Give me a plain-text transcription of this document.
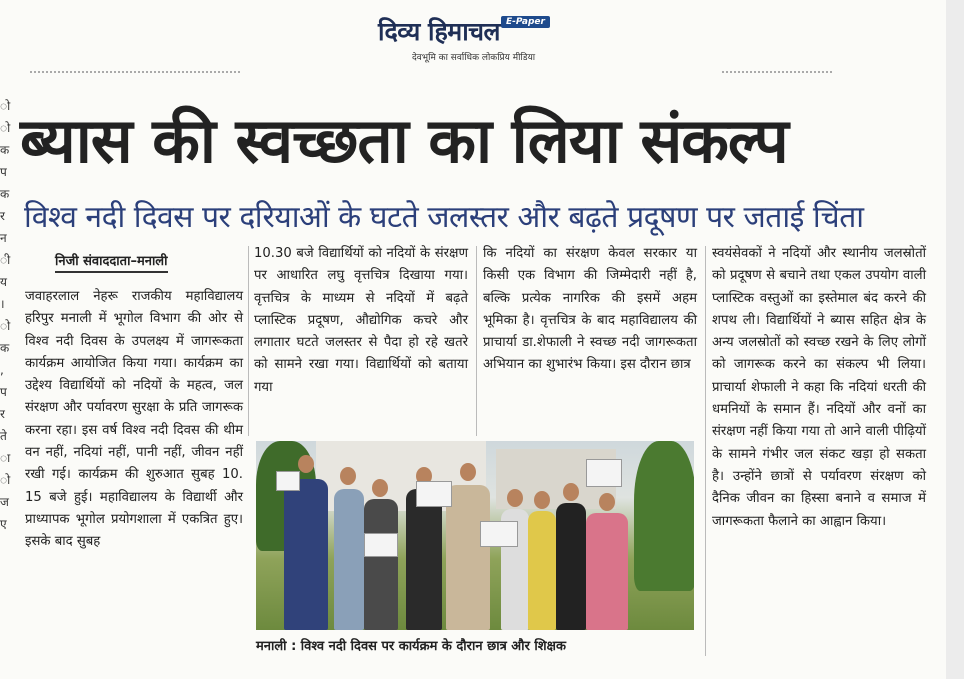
दिव्य हिमाचल E-Paper
देवभूमि का सर्वाधिक लोकप्रिय मीडिया
ो
ो
क
प
क
र
न
ी
य
।
ो
क
,
प
र
ते
ा
ो
ज
ए
ब्यास की स्वच्छता का लिया संकल्प
विश्व नदी दिवस पर दरियाओं के घटते जलस्तर और बढ़ते प्रदूषण पर जताई चिंता
निजी संवाददाता–मनाली

जवाहरलाल नेहरू राजकीय महाविद्यालय हरिपुर मनाली में भूगोल विभाग की ओर से विश्व नदी दिवस के उपलक्ष्य में जागरूकता कार्यक्रम आयोजित किया गया। कार्यक्रम का उद्देश्य विद्यार्थियों को नदियों के महत्व, जल संरक्षण और पर्यावरण सुरक्षा के प्रति जागरूक करना रहा। इस वर्ष विश्व नदी दिवस की थीम वन नहीं, नदियां नहीं, पानी नहीं, जीवन नहीं रखी गई। कार्यक्रम की शुरुआत सुबह 10. 15 बजे हुई। महाविद्यालय के विद्यार्थी और प्राध्यापक भूगोल प्रयोगशाला में एकत्रित हुए। इसके बाद सुबह

10.30 बजे विद्यार्थियों को नदियों के संरक्षण पर आधारित लघु वृत्तचित्र दिखाया गया। वृत्तचित्र के माध्यम से नदियों में बढ़ते प्लास्टिक प्रदूषण, औद्योगिक कचरे और लगातार घटते जलस्तर से पैदा हो रहे खतरे को सामने रखा गया। विद्यार्थियों को बताया गया

कि नदियों का संरक्षण केवल सरकार या किसी एक विभाग की जिम्मेदारी नहीं है, बल्कि प्रत्येक नागरिक की इसमें अहम भूमिका है। वृत्तचित्र के बाद महाविद्यालय की प्राचार्या डा.शेफाली ने स्वच्छ नदी जागरूकता अभियान का शुभारंभ किया। इस दौरान छात्र

स्वयंसेवकों ने नदियों और स्थानीय जलस्रोतों को प्रदूषण से बचाने तथा एकल उपयोग वाली प्लास्टिक वस्तुओं का इस्तेमाल बंद करने की शपथ ली। विद्यार्थियों ने ब्यास सहित क्षेत्र के अन्य जलस्रोतों को स्वच्छ रखने के लिए लोगों को जागरूक करने का संकल्प भी लिया। प्राचार्या शेफाली ने कहा कि नदियां धरती की धमनियों के समान हैं। नदियों और वनों का संरक्षण नहीं किया गया तो आने वाली पीढ़ियों के सामने गंभीर जल संकट खड़ा हो सकता है। उन्होंने छात्रों से पर्यावरण संरक्षण को दैनिक जीवन का हिस्सा बनाने व समाज में जागरूकता फैलाने का आह्वान किया।

मनाली : विश्व नदी दिवस पर कार्यक्रम के दौरान छात्र और शिक्षक
